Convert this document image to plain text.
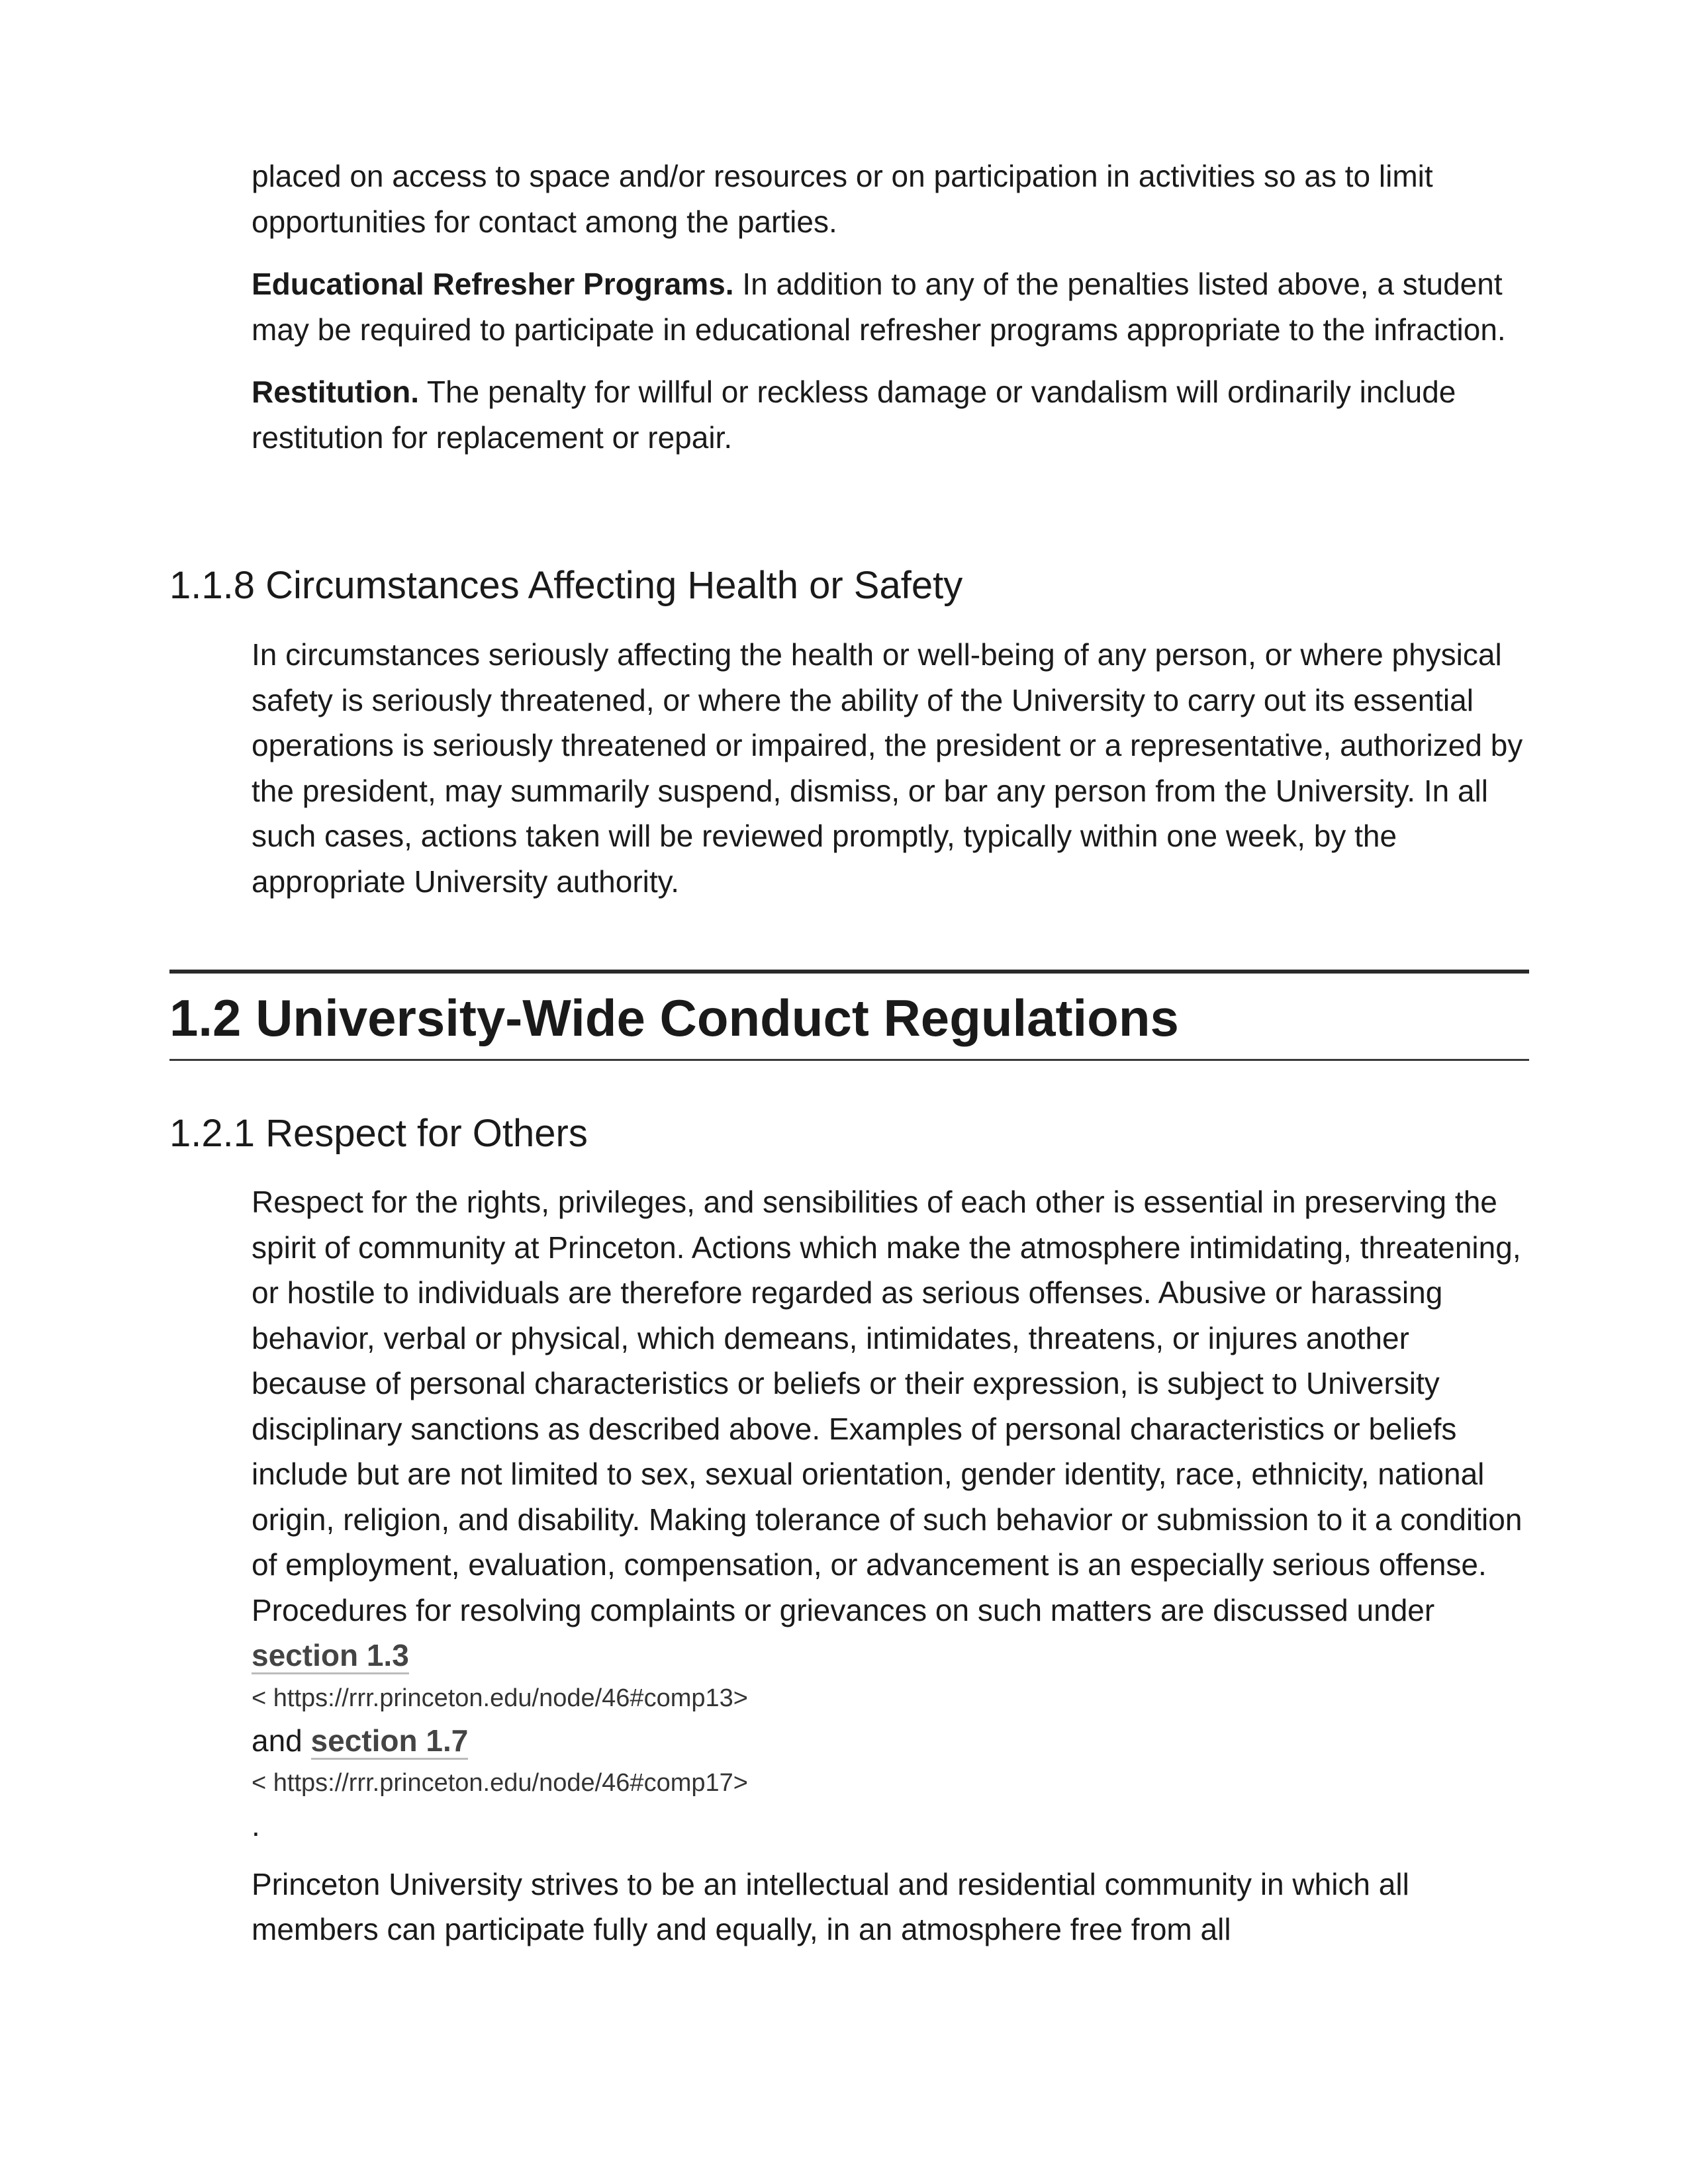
placed on access to space and/or resources or on participation in activities so as to limit opportunities for contact among the parties.

Educational Refresher Programs. In addition to any of the penalties listed above, a student may be required to participate in educational refresher programs appropriate to the infraction.

Restitution. The penalty for willful or reckless damage or vandalism will ordinarily include restitution for replacement or repair.

1.1.8 Circumstances Affecting Health or Safety

In circumstances seriously affecting the health or well-being of any person, or where physical safety is seriously threatened, or where the ability of the University to carry out its essential operations is seriously threatened or impaired, the president or a representative, authorized by the president, may summarily suspend, dismiss, or bar any person from the University. In all such cases, actions taken will be reviewed promptly, typically within one week, by the appropriate University authority.

1.2 University-Wide Conduct Regulations
1.2.1 Respect for Others

Respect for the rights, privileges, and sensibilities of each other is essential in preserving the spirit of community at Princeton. Actions which make the atmosphere intimidating, threatening, or hostile to individuals are therefore regarded as serious offenses. Abusive or harassing behavior, verbal or physical, which demeans, intimidates, threatens, or injures another because of personal characteristics or beliefs or their expression, is subject to University disciplinary sanctions as described above. Examples of personal characteristics or beliefs include but are not limited to sex, sexual orientation, gender identity, race, ethnicity, national origin, religion, and disability. Making tolerance of such behavior or submission to it a condition of employment, evaluation, compensation, or advancement is an especially serious offense. Procedures for resolving complaints or grievances on such matters are discussed under section 1.3

< https://rrr.princeton.edu/node/46#comp13>

and section 1.7

< https://rrr.princeton.edu/node/46#comp17>

.

Princeton University strives to be an intellectual and residential community in which all members can participate fully and equally, in an atmosphere free from all
